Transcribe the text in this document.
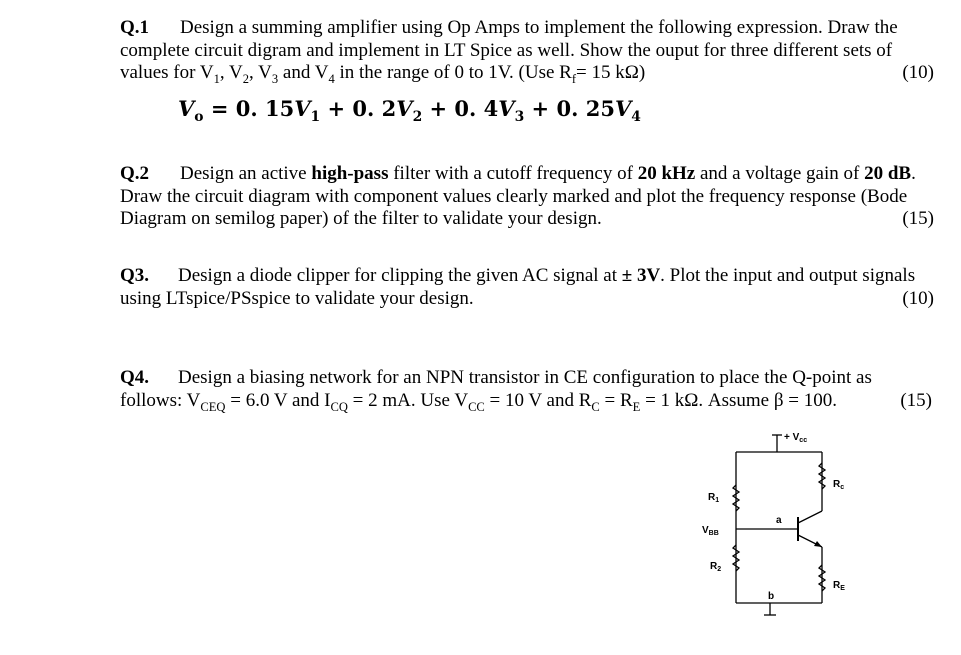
Q.1 Design a summing amplifier using Op Amps to implement the following expression. Draw the
complete circuit digram and implement in LT Spice as well. Show the ouput for three different sets of
values for $V_1$, $V_2$, $V_3$ and $V_4$ in the range of 0 to 1V. (Use $R_f= 15$ kΩ)	(10)
$V_o = 0$. $15V_1 + 0$. $2V_2 + 0$. $4V_3 + 0$. $25V_4$
Q.2 Design an active high-pass filter with a cutoff frequency of 20 kHz and a voltage gain of 20 dB.
Draw the circuit diagram with component values clearly marked and plot the frequency response (Bode
Diagram on semilog paper) of the filter to validate your design.	(15)
Q3. Design a diode clipper for clipping the given AC signal at ± 3V. Plot the input and output signals
using LTspice/PSspice to validate your design.	(10)
Q4. Design a biasing network for an NPN transistor in CE configuration to place the Q-point as
follows: $V_{CEQ} = 6.0$ V and $I_{CQ} = 2$ mA. Use $V_{CC} = 10$ V and $R_C = R_E = 1$ kΩ. Assume β = 100.	(15)
+ $V_{cc}$
$R_1$
$R_c$
$V_{BB}$
a
$R_2$
$R_E$
b
